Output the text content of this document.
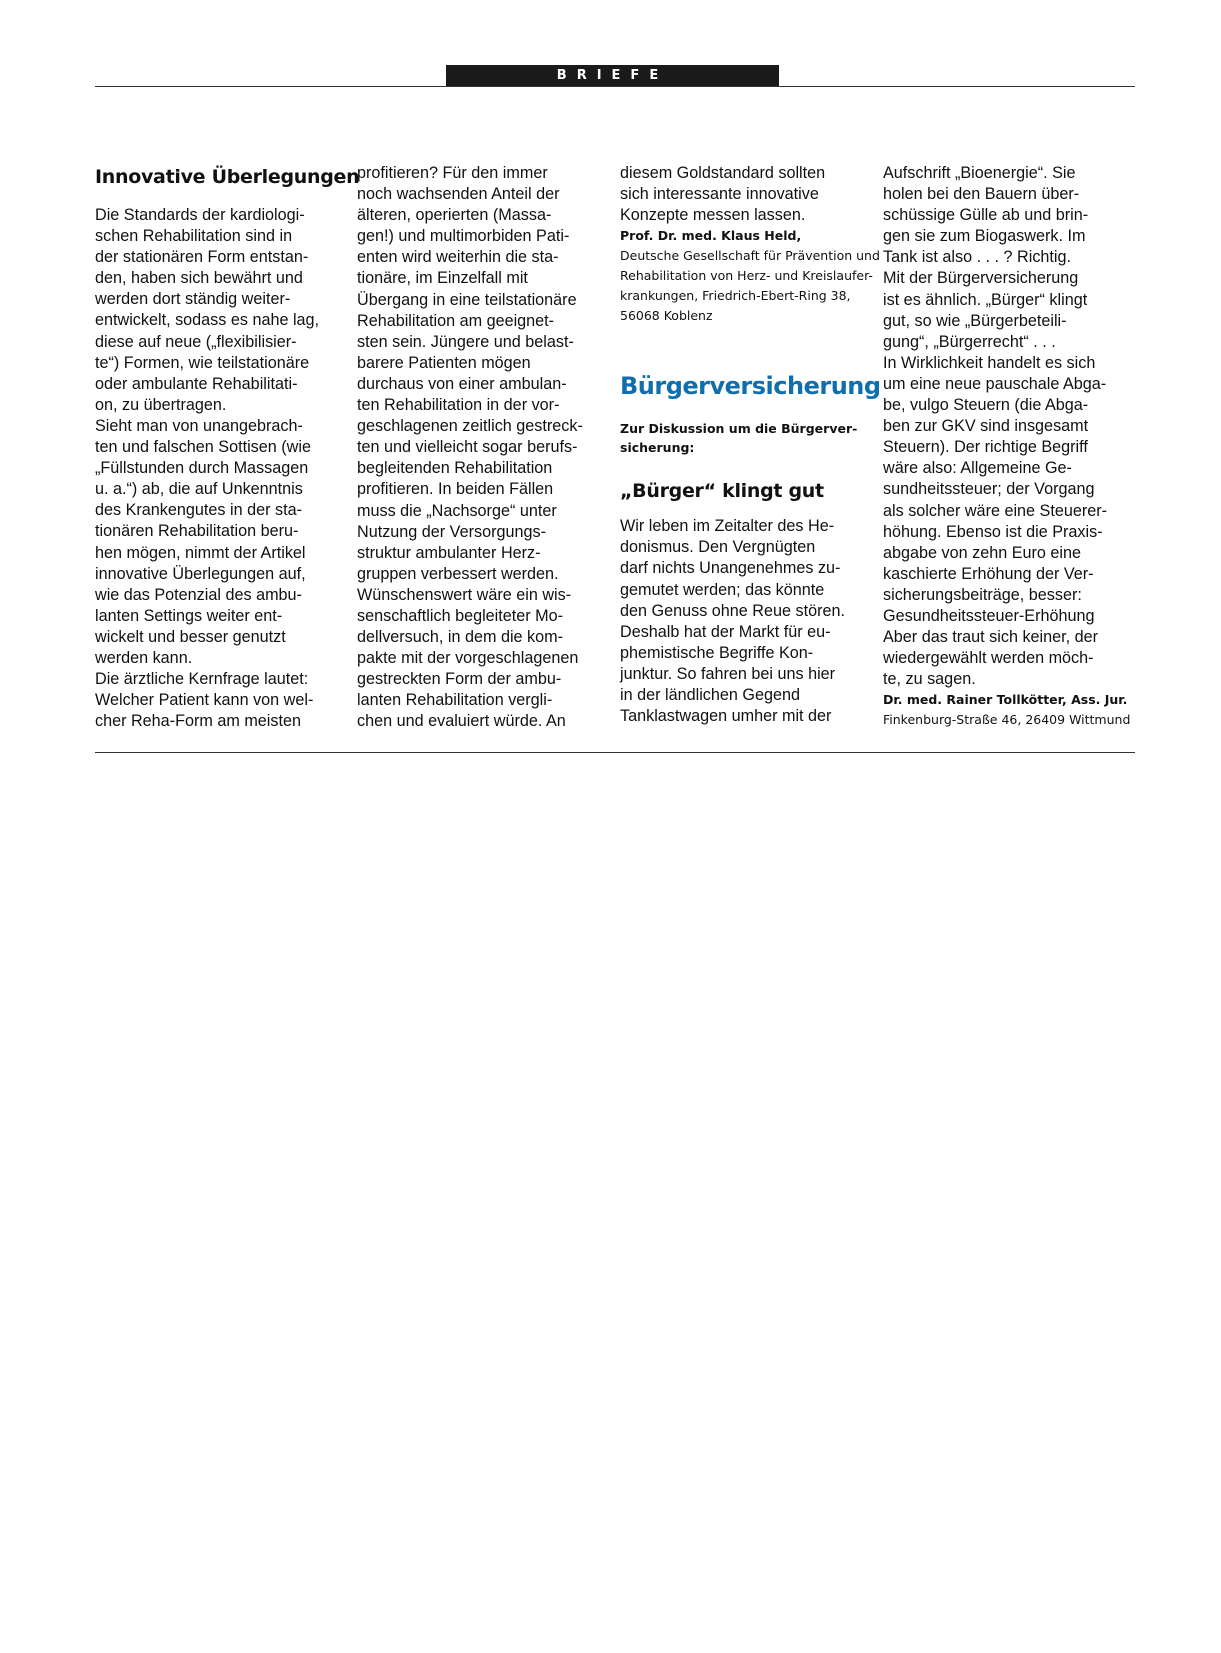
BRIEFE
Innovative Überlegungen

Die Standards der kardiologi-
schen Rehabilitation sind in
der stationären Form entstan-
den, haben sich bewährt und
werden dort ständig weiter-
entwickelt, sodass es nahe lag,
diese auf neue („flexibilisier-
te“) Formen, wie teilstationäre
oder ambulante Rehabilitati-
on, zu übertragen.
Sieht man von unangebrach-
ten und falschen Sottisen (wie
„Füllstunden durch Massagen
u. a.“) ab, die auf Unkenntnis
des Krankengutes in der sta-
tionären Rehabilitation beru-
hen mögen, nimmt der Artikel
innovative Überlegungen auf,
wie das Potenzial des ambu-
lanten Settings weiter ent-
wickelt und besser genutzt
werden kann.
Die ärztliche Kernfrage lautet:
Welcher Patient kann von wel-
cher Reha-Form am meisten

profitieren? Für den immer
noch wachsenden Anteil der
älteren, operierten (Massa-
gen!) und multimorbiden Pati-
enten wird weiterhin die sta-
tionäre, im Einzelfall mit
Übergang in eine teilstationäre
Rehabilitation am geeignet-
sten sein. Jüngere und belast-
barere Patienten mögen
durchaus von einer ambulan-
ten Rehabilitation in der vor-
geschlagenen zeitlich gestreck-
ten und vielleicht sogar berufs-
begleitenden Rehabilitation
profitieren. In beiden Fällen
muss die „Nachsorge“ unter
Nutzung der Versorgungs-
struktur ambulanter Herz-
gruppen verbessert werden.
Wünschenswert wäre ein wis-
senschaftlich begleiteter Mo-
dellversuch, in dem die kom-
pakte mit der vorgeschlagenen
gestreckten Form der ambu-
lanten Rehabilitation vergli-
chen und evaluiert würde. An

diesem Goldstandard sollten
sich interessante innovative
Konzepte messen lassen.

Prof. Dr. med. Klaus Held,
Deutsche Gesellschaft für Prävention und
Rehabilitation von Herz- und Kreislaufer-
krankungen, Friedrich-Ebert-Ring 38,
56068 Koblenz
Bürgerversicherung
Zur Diskussion um die Bürgerver-
sicherung:
„Bürger“ klingt gut

Wir leben im Zeitalter des He-
donismus. Den Vergnügten
darf nichts Unangenehmes zu-
gemutet werden; das könnte
den Genuss ohne Reue stören.
Deshalb hat der Markt für eu-
phemistische Begriffe Kon-
junktur. So fahren bei uns hier
in der ländlichen Gegend
Tanklastwagen umher mit der

Aufschrift „Bioenergie“. Sie
holen bei den Bauern über-
schüssige Gülle ab und brin-
gen sie zum Biogaswerk. Im
Tank ist also . . . ? Richtig.
Mit der Bürgerversicherung
ist es ähnlich. „Bürger“ klingt
gut, so wie „Bürgerbeteili-
gung“, „Bürgerrecht“ . . .
In Wirklichkeit handelt es sich
um eine neue pauschale Abga-
be, vulgo Steuern (die Abga-
ben zur GKV sind insgesamt
Steuern). Der richtige Begriff
wäre also: Allgemeine Ge-
sundheitssteuer; der Vorgang
als solcher wäre eine Steuerer-
höhung. Ebenso ist die Praxis-
abgabe von zehn Euro eine
kaschierte Erhöhung der Ver-
sicherungsbeiträge, besser:
Gesundheitssteuer-Erhöhung
Aber das traut sich keiner, der
wiedergewählt werden möch-
te, zu sagen.

Dr. med. Rainer Tollkötter, Ass. Jur.
Finkenburg-Straße 46, 26409 Wittmund
